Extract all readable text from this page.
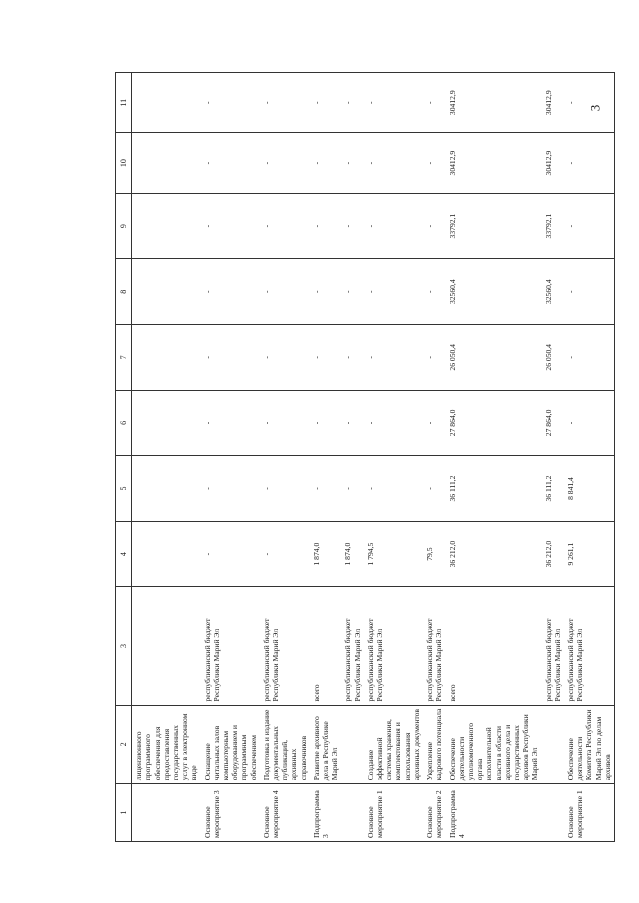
3
1	2	3	4	5	6	7	8	9	10	11
	лицензионного программного обеспечения для предоставления государственных услуг в электронном виде									
Основное мероприятие 3	Оснащение читальных залов компьютерным оборудованием и программным обеспечением	республиканский бюджет Республики Марий Эл	-	-	-	-	-	-	-	-
Основное мероприятие 4	Подготовка и издание документальных публикаций, архивных справочников	республиканский бюджет Республики Марий Эл	-	-	-	-	-	-	-	-
Подпрограмма 3	Развитие архивного дела в Республике Марий Эл	всего	1 874,0	-	-	-	-	-	-	-
		республиканский бюджет Республики Марий Эл	1 874,0	-	-	-	-	-	-	-
Основное мероприятие 1	Создание эффективной системы хранения, комплектования и использования архивных документов	республиканский бюджет Республики Марий Эл	1 794,5	-	-	-	-	-	-	-
Основное мероприятие 2	Укрепление кадрового потенциала	республиканский бюджет Республики Марий Эл	79,5	-	-	-	-	-	-	-
Подпрограмма 4	Обеспечение деятельности уполномоченного органа исполнительной власти в области архивного дела и государственных архивов Республики Марий Эл	всего	36 212,0	36 111,2	27 864,0	26 050,4	32560,4	33792,1	30412,9	30412,9
		республиканский бюджет Республики Марий Эл	36 212,0	36 111,2	27 864,0	26 050,4	32560,4	33792,1	30412,9	30412,9
Основное мероприятие 1	Обеспечение деятельности Комитета Республики Марий Эл по делам архивов	республиканский бюджет Республики Марий Эл	9 261,1	8 841,4	-	-	-	-	-	-
